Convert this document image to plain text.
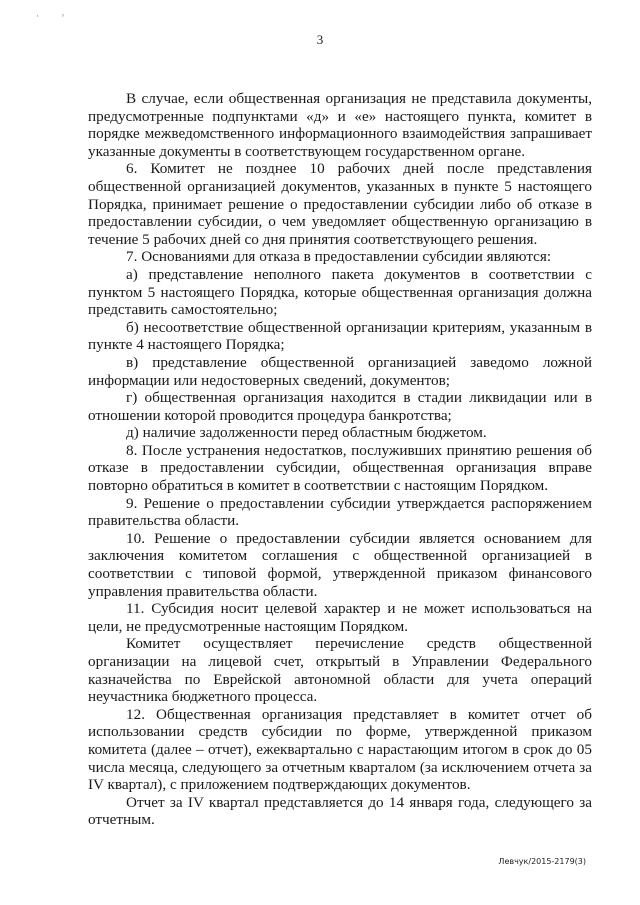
· ˒
3

В случае, если общественная организация не представила документы, предусмотренные подпунктами «д» и «е» настоящего пункта, комитет в порядке межведомственного информационного взаимодействия запрашивает указанные документы в соответствующем государственном органе.

6. Комитет не позднее 10 рабочих дней после представления общественной организацией документов, указанных в пункте 5 настоящего Порядка, принимает решение о предоставлении субсидии либо об отказе в предоставлении субсидии, о чем уведомляет общественную организацию в течение 5 рабочих дней со дня принятия соответствующего решения.

7. Основаниями для отказа в предоставлении субсидии являются:

а) представление неполного пакета документов в соответствии с пунктом 5 настоящего Порядка, которые общественная организация должна представить самостоятельно;

б) несоответствие общественной организации критериям, указанным в пункте 4 настоящего Порядка;

в) представление общественной организацией заведомо ложной информации или недостоверных сведений, документов;

г) общественная организация находится в стадии ликвидации или в отношении которой проводится процедура банкротства;

д) наличие задолженности перед областным бюджетом.

8. После устранения недостатков, послуживших принятию решения об отказе в предоставлении субсидии, общественная организация вправе повторно обратиться в комитет в соответствии с настоящим Порядком.

9. Решение о предоставлении субсидии утверждается распоряжением правительства области.

10. Решение о предоставлении субсидии является основанием для заключения комитетом соглашения с общественной организацией в соответствии с типовой формой, утвержденной приказом финансового управления правительства области.

11. Субсидия носит целевой характер и не может использоваться на цели, не предусмотренные настоящим Порядком.

Комитет осуществляет перечисление средств общественной организации на лицевой счет, открытый в Управлении Федерального казначейства по Еврейской автономной области для учета операций неучастника бюджетного процесса.

12. Общественная организация представляет в комитет отчет об использовании средств субсидии по форме, утвержденной приказом комитета (далее – отчет), ежеквартально с нарастающим итогом в срок до 05 числа месяца, следующего за отчетным кварталом (за исключением отчета за IV квартал), с приложением подтверждающих документов.

Отчет за IV квартал представляется до 14 января года, следующего за отчетным.

Левчук/2015-2179(3)
